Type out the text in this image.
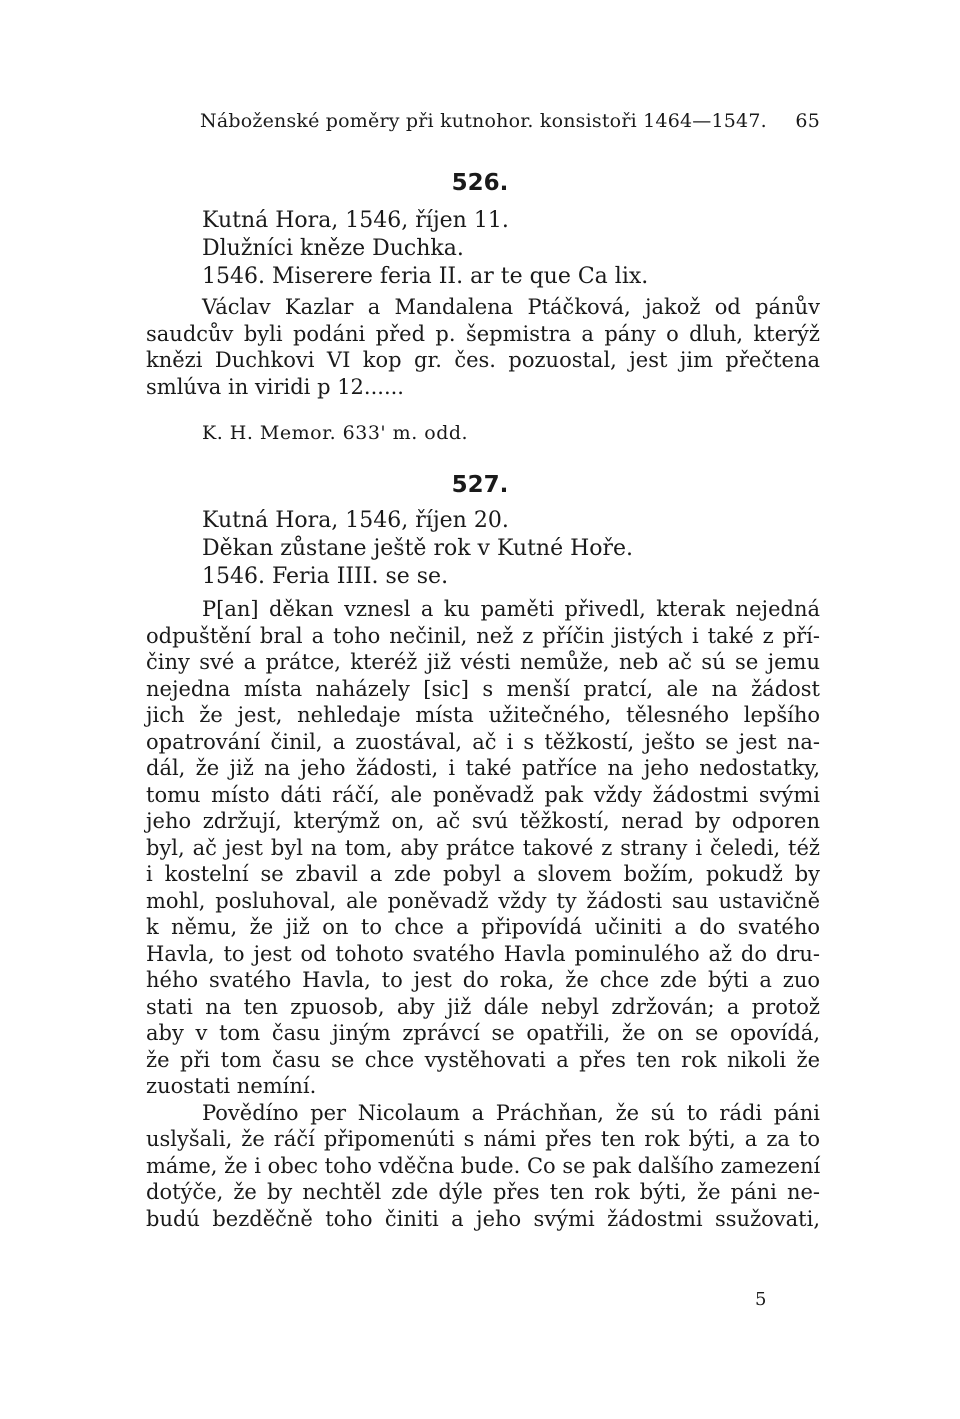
Náboženské poměry při kutnohor. konsistoři 1464—1547. 65
526.
Kutná Hora, 1546, říjen 11.
Dlužníci kněze Duchka.
1546. Miserere feria II. ar te que Ca lix.
Václav Kazlar a Mandalena Ptáčková, jakož od pánův
saudcův byli podáni před p. šepmistra a pány o dluh, kterýž
knězi Duchkovi VI kop gr. čes. pozuostal, jest jim přečtena
smlúva in viridi p 12......
K. H. Memor. 633' m. odd.
527.
Kutná Hora, 1546, říjen 20.
Děkan zůstane ještě rok v Kutné Hoře.
1546. Feria IIII. se se.
P[an] děkan vznesl a ku paměti přivedl, kterak nejedná
odpuštění bral a toho nečinil, než z příčin jistých i také z pří-
činy své a prátce, kteréž již vésti nemůže, neb ač sú se jemu
nejedna místa naházely [sic] s menší pratcí, ale na žádost
jich že jest, nehledaje místa užitečného, tělesného lepšího
opatrování činil, a zuostával, ač i s těžkostí, ješto se jest na-
dál, že již na jeho žádosti, i také patříce na jeho nedostatky,
tomu místo dáti ráčí, ale poněvadž pak vždy žádostmi svými
jeho zdržují, kterýmž on, ač svú těžkostí, nerad by odporen
byl, ač jest byl na tom, aby prátce takové z strany i čeledi, též
i kostelní se zbavil a zde pobyl a slovem božím, pokudž by
mohl, posluhoval, ale poněvadž vždy ty žádosti sau ustavičně
k němu, že již on to chce a připovídá učiniti a do svatého
Havla, to jest od tohoto svatého Havla pominulého až do dru-
hého svatého Havla, to jest do roka, že chce zde býti a zuo
stati na ten zpuosob, aby již dále nebyl zdržován; a protož
aby v tom času jiným zprávcí se opatřili, že on se opovídá,
že při tom času se chce vystěhovati a přes ten rok nikoli že
zuostati nemíní.
Povědíno per Nicolaum a Práchňan, že sú to rádi páni
uslyšali, že ráčí připomenúti s námi přes ten rok býti, a za to
máme, že i obec toho vděčna bude. Co se pak dalšího zamezení
dotýče, že by nechtěl zde dýle přes ten rok býti, že páni ne-
budú bezděčně toho činiti a jeho svými žádostmi ssužovati,
5
